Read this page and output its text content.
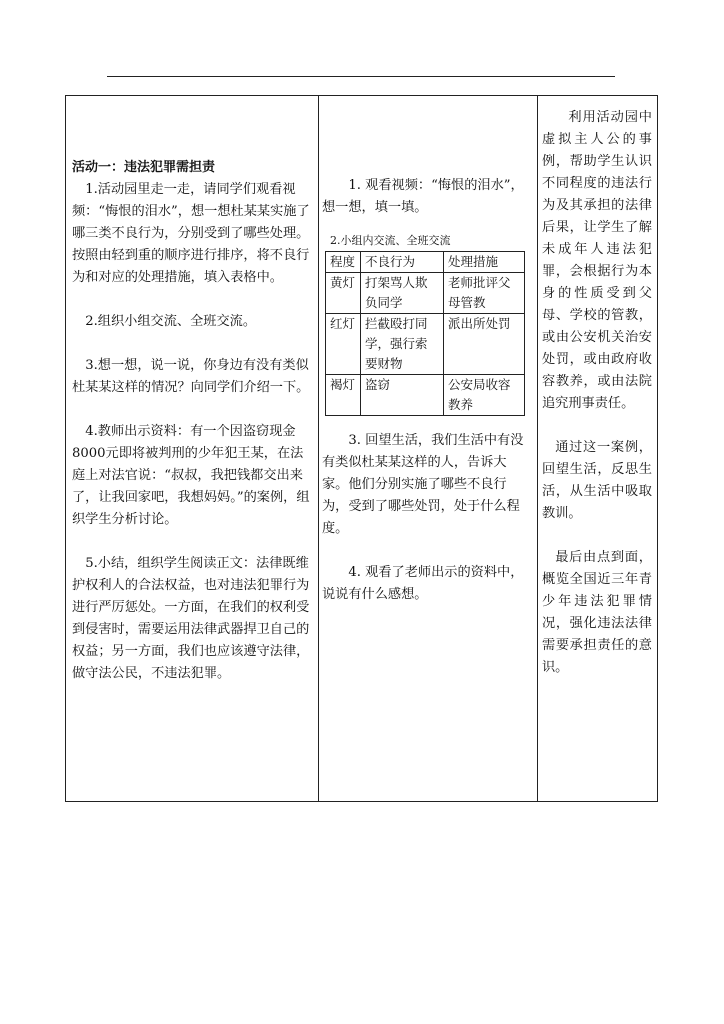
活动一：违法犯罪需担责

1.活动园里走一走，请同学们观看视频：“悔恨的泪水”，想一想杜某某实施了哪三类不良行为，分别受到了哪些处理。按照由轻到重的顺序进行排序，将不良行为和对应的处理措施，填入表格中。

2.组织小组交流、全班交流。

3.想一想，说一说，你身边有没有类似杜某某这样的情况？向同学们介绍一下。

4.教师出示资料：有一个因盗窃现金8000元即将被判刑的少年犯王某，在法庭上对法官说：“叔叔，我把钱都交出来了，让我回家吧，我想妈妈。”的案例，组织学生分析讨论。

5.小结，组织学生阅读正文：法律既维护权利人的合法权益，也对违法犯罪行为进行严厉惩处。一方面，在我们的权利受到侵害时，需要运用法律武器捍卫自己的权益；另一方面，我们也应该遵守法律，做守法公民，不违法犯罪。

1. 观看视频：“悔恨的泪水”，想一想，填一填。

2.小组内交流、全班交流

程度	不良行为	处理措施
黄灯	打架骂人欺负同学	老师批评父母管教
红灯	拦截殴打同学，强行索要财物	派出所处罚
褐灯	盗窃	公安局收容教养

3. 回望生活，我们生活中有没有类似杜某某这样的人，告诉大家。他们分别实施了哪些不良行为，受到了哪些处罚，处于什么程度。

4. 观看了老师出示的资料中，说说有什么感想。

利用活动园中虚拟主人公的事例，帮助学生认识不同程度的违法行为及其承担的法律后果，让学生了解未成年人违法犯罪，会根据行为本身的性质受到父母、学校的管教，或由公安机关治安处罚，或由政府收容教养，或由法院追究刑事责任。

通过这一案例，回望生活，反思生活，从生活中吸取教训。

最后由点到面，概览全国近三年青少年违法犯罪情况，强化违法法律需要承担责任的意识。
